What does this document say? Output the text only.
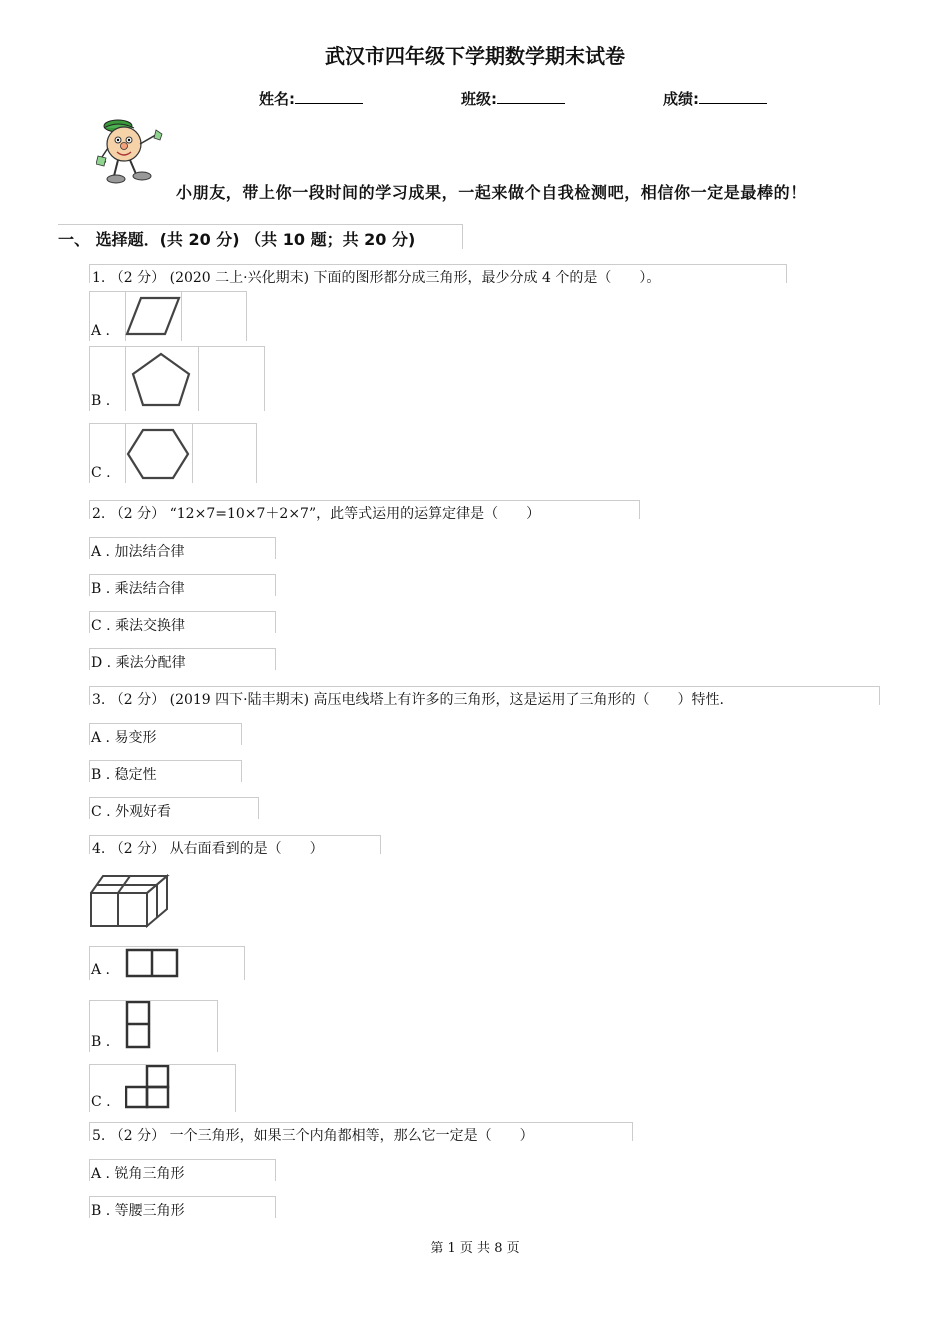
武汉市四年级下学期数学期末试卷
姓名:	班级:	成绩:
小朋友，带上你一段时间的学习成果，一起来做个自我检测吧，相信你一定是最棒的！
一、 选择题．(共 20 分) （共 10 题；共 20 分)
1. （2 分） (2020 二上·兴化期末) 下面的图形都分成三角形，最少分成 4 个的是（　　）。
A .
B .
C .
2. （2 分） “12×7=10×7＋2×7”，此等式运用的运算定律是（　　）
A . 加法结合律
B . 乘法结合律
C . 乘法交换律
D . 乘法分配律
3. （2 分） (2019 四下·陆丰期末) 高压电线塔上有许多的三角形，这是运用了三角形的（　　）特性.
A . 易变形
B . 稳定性
C . 外观好看
4. （2 分） 从右面看到的是（　　）
A .
B .
C .
5. （2 分） 一个三角形，如果三个内角都相等，那么它一定是（　　）
A . 锐角三角形
B . 等腰三角形
第 1 页 共 8 页
